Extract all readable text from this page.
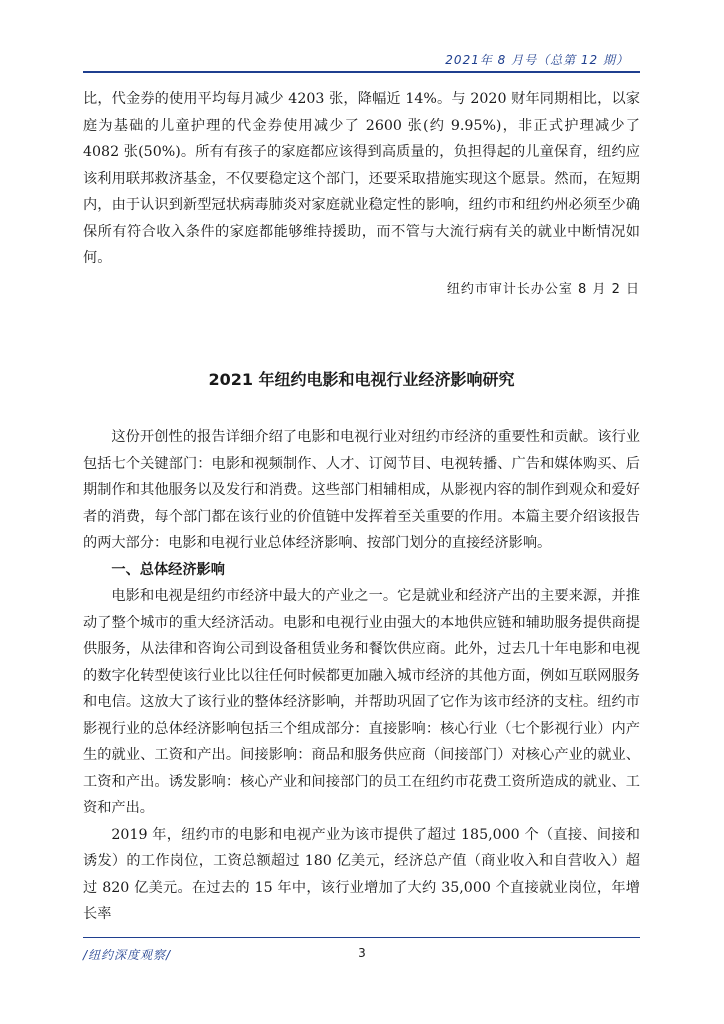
2021年 8 月号（总第 12 期）

比，代金券的使用平均每月减少 4203 张，降幅近 14%。与 2020 财年同期相比，以家庭为基础的儿童护理的代金券使用减少了 2600 张(约 9.95%)，非正式护理减少了 4082 张(50%)。所有有孩子的家庭都应该得到高质量的，负担得起的儿童保育，纽约应该利用联邦救济基金，不仅要稳定这个部门，还要采取措施实现这个愿景。然而，在短期内，由于认识到新型冠状病毒肺炎对家庭就业稳定性的影响，纽约市和纽约州必须至少确保所有符合收入条件的家庭都能够维持援助，而不管与大流行病有关的就业中断情况如何。

纽约市审计长办公室 8 月 2 日

2021 年纽约电影和电视行业经济影响研究

这份开创性的报告详细介绍了电影和电视行业对纽约市经济的重要性和贡献。该行业包括七个关键部门：电影和视频制作、人才、订阅节目、电视转播、广告和媒体购买、后期制作和其他服务以及发行和消费。这些部门相辅相成，从影视内容的制作到观众和爱好者的消费，每个部门都在该行业的价值链中发挥着至关重要的作用。本篇主要介绍该报告的两大部分：电影和电视行业总体经济影响、按部门划分的直接经济影响。

一、总体经济影响

电影和电视是纽约市经济中最大的产业之一。它是就业和经济产出的主要来源，并推动了整个城市的重大经济活动。电影和电视行业由强大的本地供应链和辅助服务提供商提供服务，从法律和咨询公司到设备租赁业务和餐饮供应商。此外，过去几十年电影和电视的数字化转型使该行业比以往任何时候都更加融入城市经济的其他方面，例如互联网服务和电信。这放大了该行业的整体经济影响，并帮助巩固了它作为该市经济的支柱。纽约市影视行业的总体经济影响包括三个组成部分：直接影响：核心行业（七个影视行业）内产生的就业、工资和产出。间接影响：商品和服务供应商（间接部门）对核心产业的就业、工资和产出。诱发影响：核心产业和间接部门的员工在纽约市花费工资所造成的就业、工资和产出。

2019 年，纽约市的电影和电视产业为该市提供了超过 185,000 个（直接、间接和诱发）的工作岗位，工资总额超过 180 亿美元，经济总产值（商业收入和自营收入）超过 820 亿美元。在过去的 15 年中，该行业增加了大约 35,000 个直接就业岗位，年增长率

/纽约深度观察/	3
